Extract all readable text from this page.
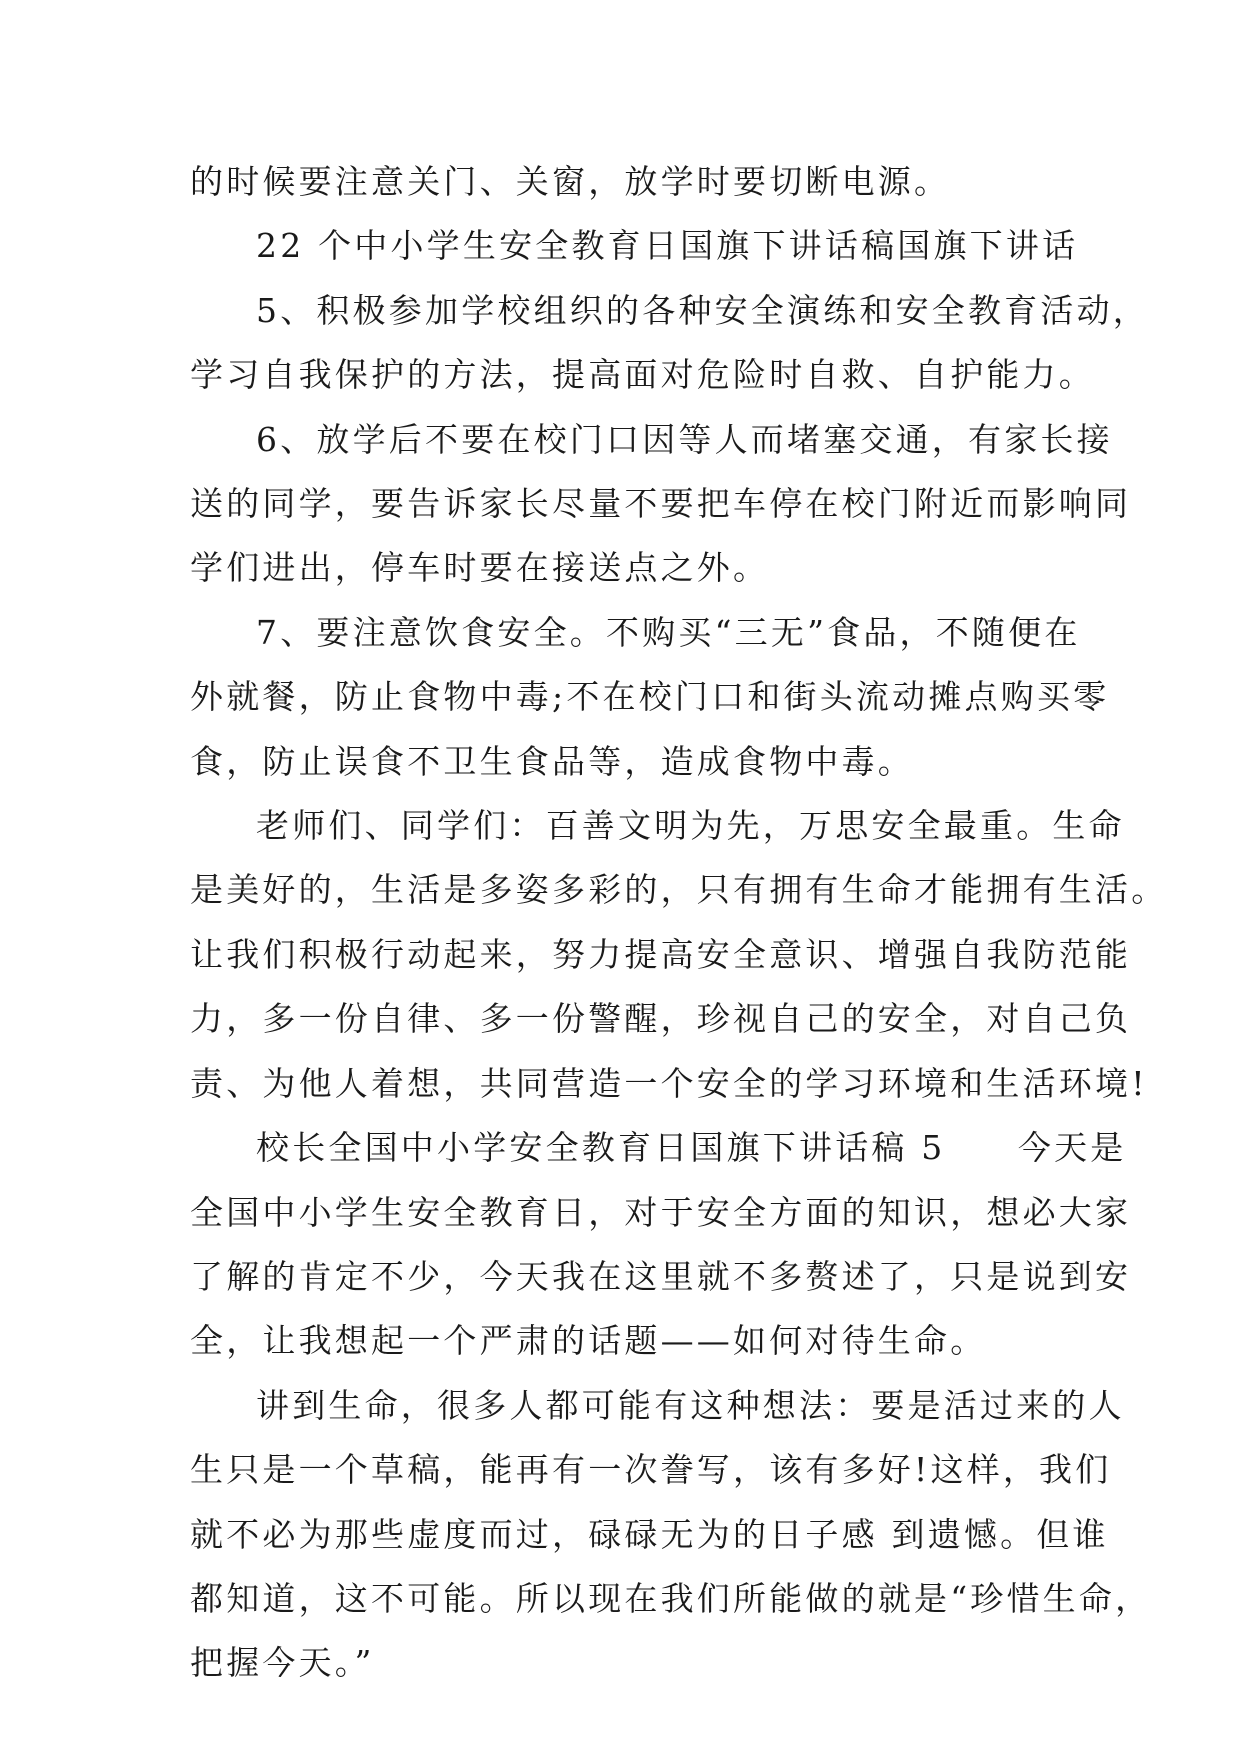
的时候要注意关门、关窗，放学时要切断电源。
22 个中小学生安全教育日国旗下讲话稿国旗下讲话
5、积极参加学校组织的各种安全演练和安全教育活动，
学习自我保护的方法，提高面对危险时自救、自护能力。
6、放学后不要在校门口因等人而堵塞交通，有家长接
送的同学，要告诉家长尽量不要把车停在校门附近而影响同
学们进出，停车时要在接送点之外。
7、要注意饮食安全。不购买“三无”食品，不随便在
外就餐，防止食物中毒;不在校门口和街头流动摊点购买零
食，防止误食不卫生食品等，造成食物中毒。
老师们、同学们：百善文明为先，万思安全最重。生命
是美好的，生活是多姿多彩的，只有拥有生命才能拥有生活。
让我们积极行动起来，努力提高安全意识、增强自我防范能
力，多一份自律、多一份警醒，珍视自己的安全，对自己负
责、为他人着想，共同营造一个安全的学习环境和生活环境!
校长全国中小学安全教育日国旗下讲话稿 5　　今天是
全国中小学生安全教育日，对于安全方面的知识，想必大家
了解的肯定不少，今天我在这里就不多赘述了，只是说到安
全，让我想起一个严肃的话题——如何对待生命。
讲到生命，很多人都可能有这种想法：要是活过来的人
生只是一个草稿，能再有一次誊写，该有多好!这样，我们
就不必为那些虚度而过，碌碌无为的日子感 到遗憾。但谁
都知道，这不可能。所以现在我们所能做的就是“珍惜生命，
把握今天。”
